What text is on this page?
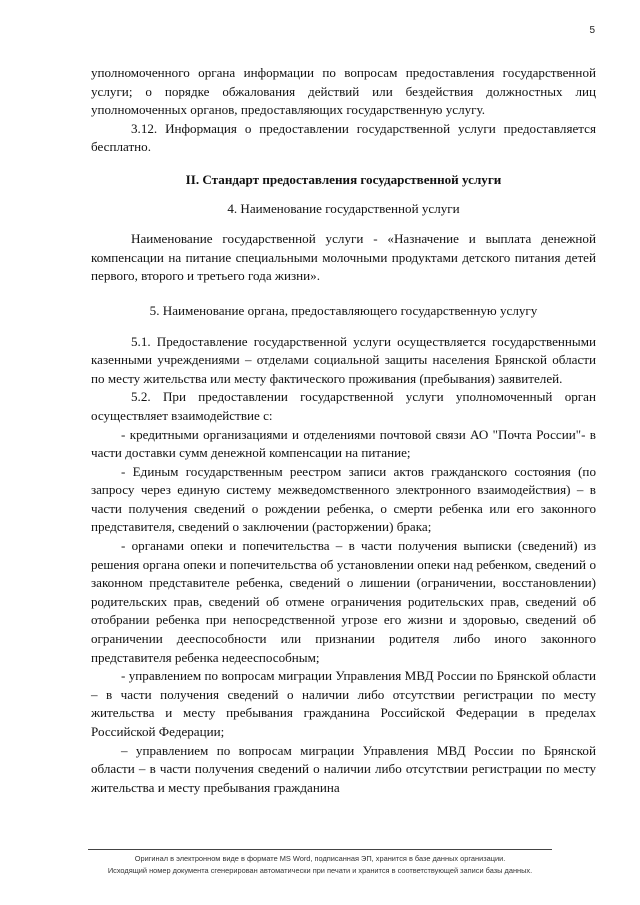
5

уполномоченного органа информации по вопросам предоставления государственной услуги; о порядке обжалования действий или бездействия должностных лиц уполномоченных органов, предоставляющих государственную услугу.

3.12. Информация о предоставлении государственной услуги предоставляется бесплатно.

II. Стандарт предоставления государственной услуги

4. Наименование государственной услуги

Наименование государственной услуги - «Назначение и выплата денежной компенсации на питание специальными молочными продуктами детского питания детей первого, второго и третьего года жизни».

5. Наименование органа, предоставляющего государственную услугу

5.1. Предоставление государственной услуги осуществляется государственными казенными учреждениями – отделами социальной защиты населения Брянской области по месту жительства или месту фактического проживания (пребывания) заявителей.

5.2. При предоставлении государственной услуги уполномоченный орган осуществляет взаимодействие с:

- кредитными организациями и отделениями почтовой связи АО "Почта России"- в части доставки сумм денежной компенсации на питание;

- Единым государственным реестром записи актов гражданского состояния (по запросу через единую систему межведомственного электронного взаимодействия) – в части получения сведений о рождении ребенка, о смерти ребенка или его законного представителя, сведений о заключении (расторжении) брака;

- органами опеки и попечительства – в части получения выписки (сведений) из решения органа опеки и попечительства об установлении опеки над ребенком, сведений о законном представителе ребенка, сведений о лишении (ограничении, восстановлении) родительских прав, сведений об отмене ограничения родительских прав, сведений об отобрании ребенка при непосредственной угрозе его жизни и здоровью, сведений об ограничении дееспособности или признании родителя либо иного законного представителя ребенка недееспособным;

- управлением по вопросам миграции Управления МВД России по Брянской области – в части получения сведений о наличии либо отсутствии регистрации по месту жительства и месту пребывания гражданина Российской Федерации в пределах Российской Федерации;

– управлением по вопросам миграции Управления МВД России по Брянской области – в части получения сведений о наличии либо отсутствии регистрации по месту жительства и месту пребывания гражданина

Оригинал в электронном виде в формате MS Word, подписанная ЭП, хранится в базе данных организации.
Исходящий номер документа сгенерирован автоматически при печати и хранится в соответствующей записи базы данных.
